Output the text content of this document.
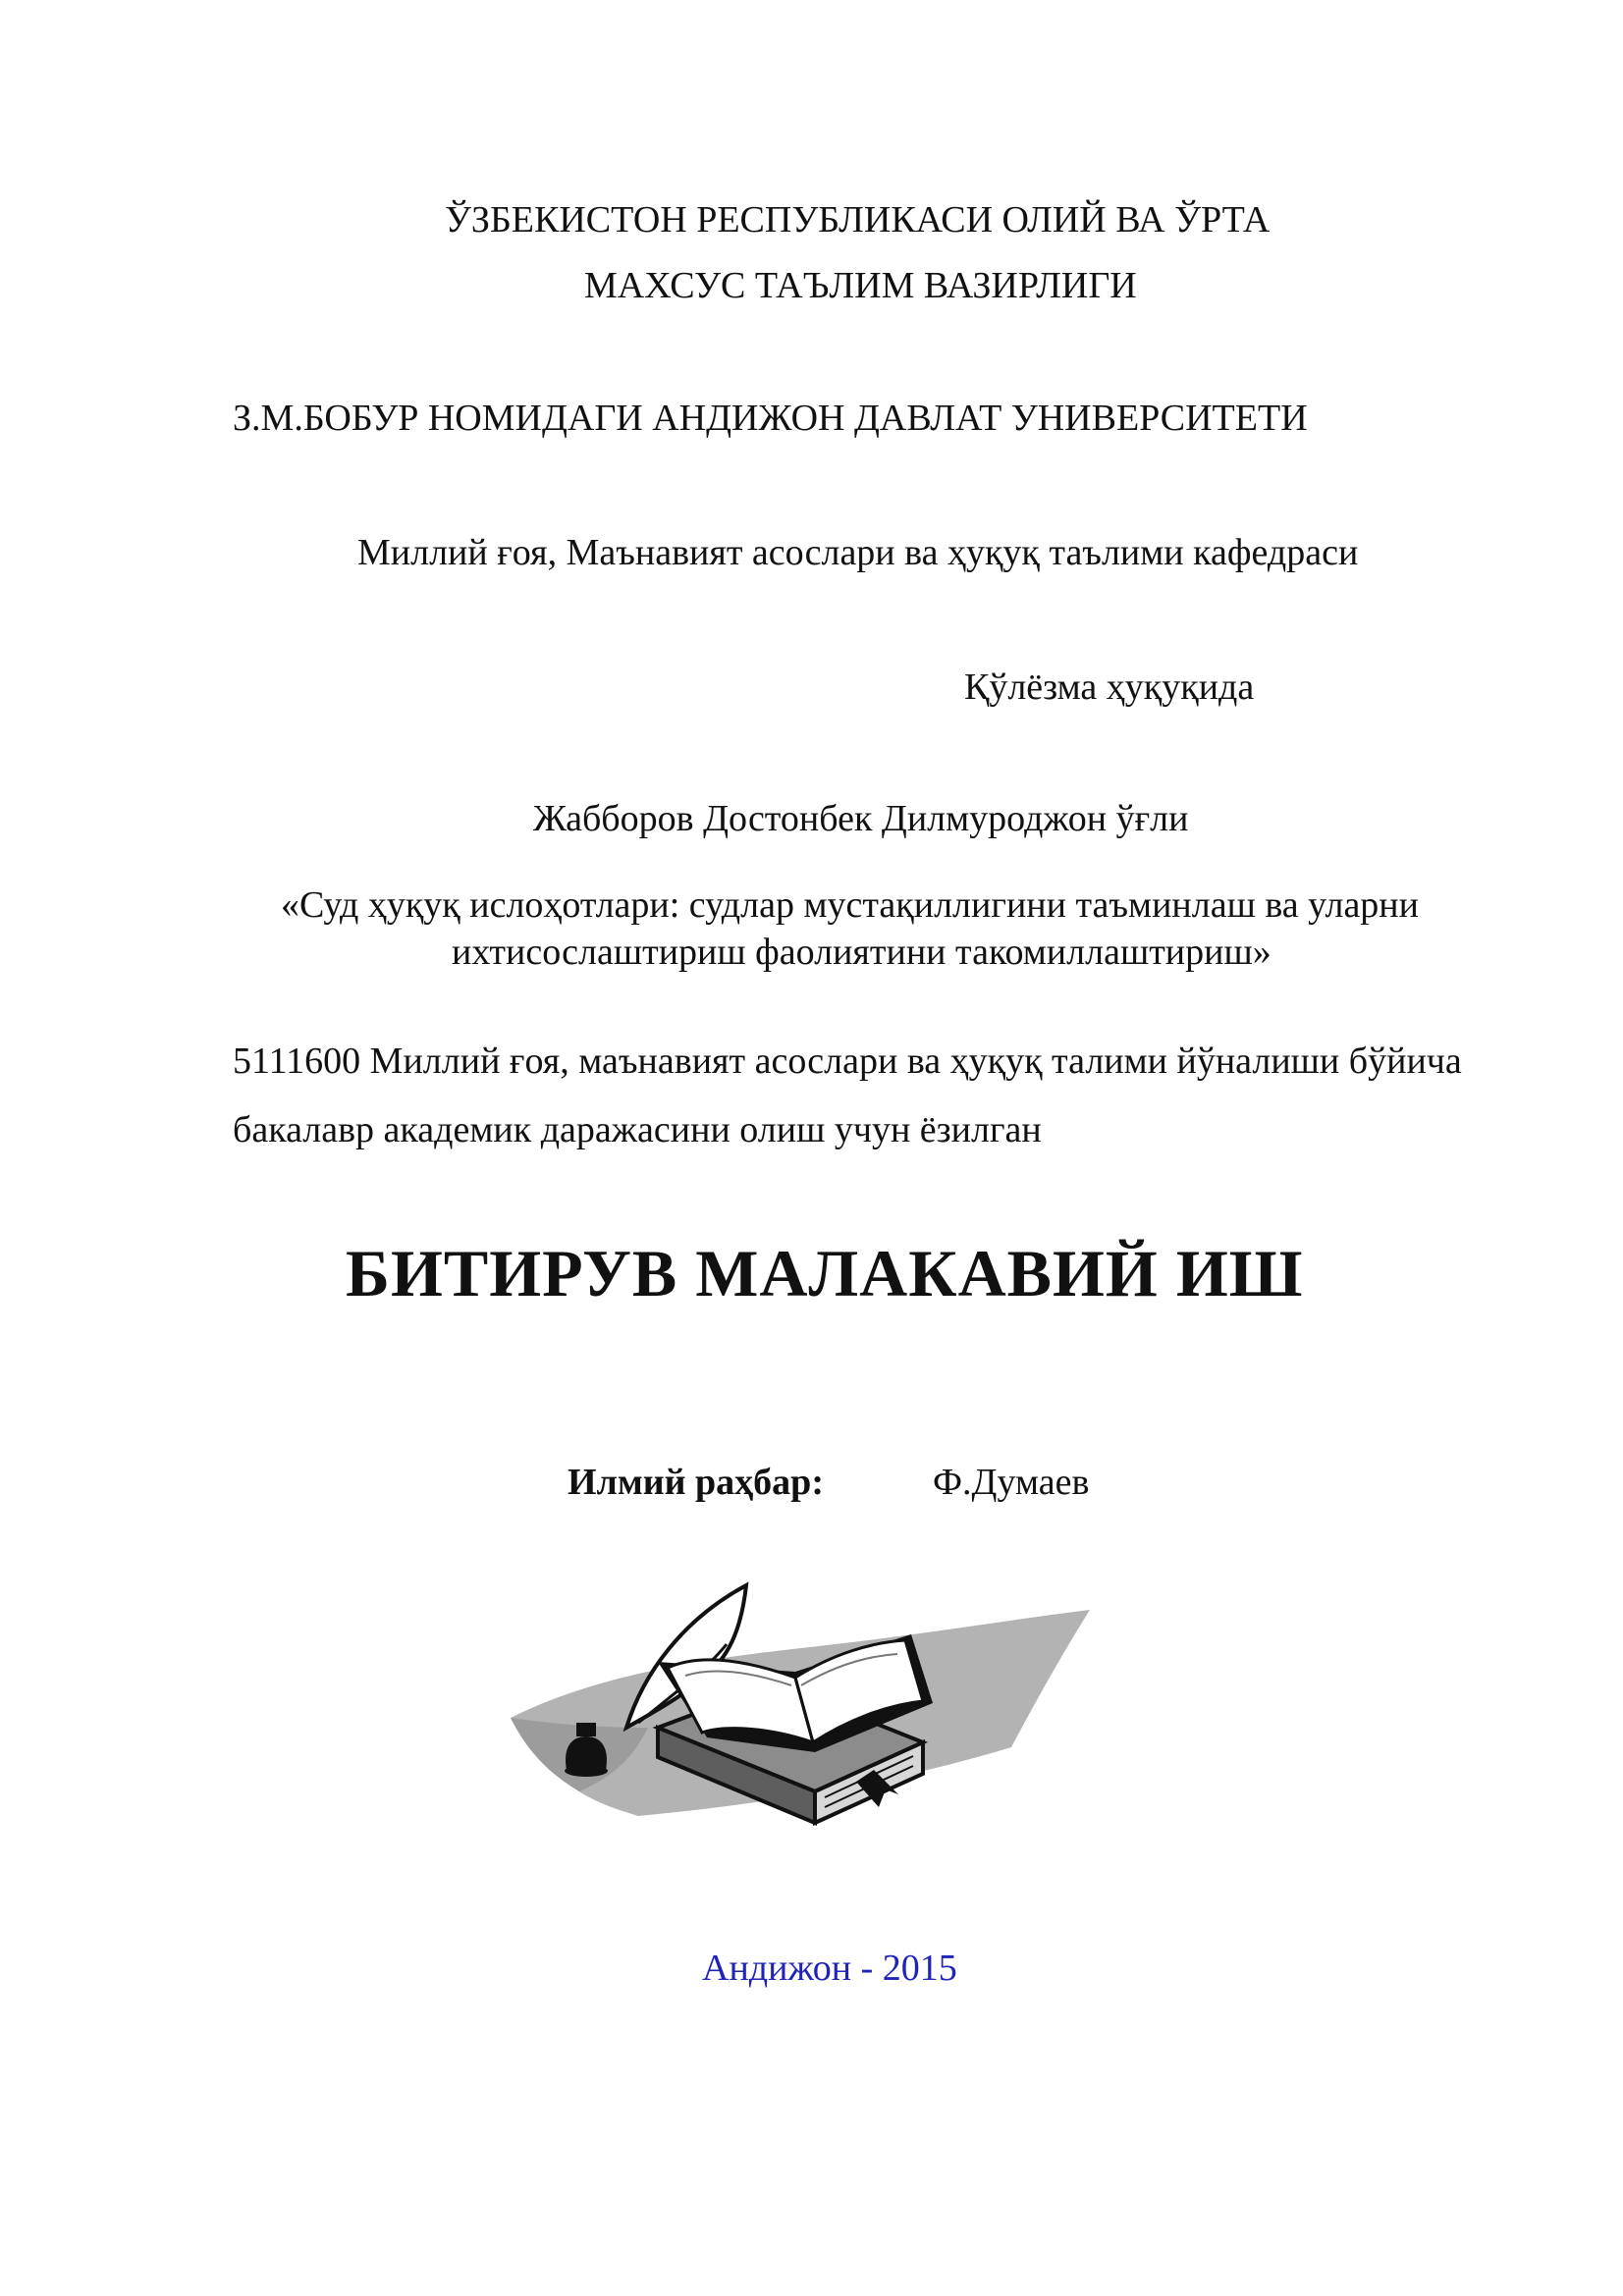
ЎЗБЕКИСТОН РЕСПУБЛИКАСИ ОЛИЙ ВА ЎРТА
МАХСУС ТАЪЛИМ ВАЗИРЛИГИ
З.М.БОБУР НОМИДАГИ АНДИЖОН ДАВЛАТ УНИВЕРСИТЕТИ
Миллий ғоя, Маънавият асослари ва ҳуқуқ таълими кафедраси
Қўлёзма ҳуқуқида
Жабборов Достонбек Дилмуроджон ўғли
«Суд ҳуқуқ ислоҳотлари: судлар мустақиллигини таъминлаш ва уларни
ихтисослаштириш фаолиятини такомиллаштириш»
5111600 Миллий ғоя, маънавият асослари ва ҳуқуқ талими йўналиши бўйича
бакалавр академик даражасини олиш учун ёзилган
БИТИРУВ МАЛАКАВИЙ ИШ
Илмий раҳбар:	Ф.Думаев
Андижон - 2015
